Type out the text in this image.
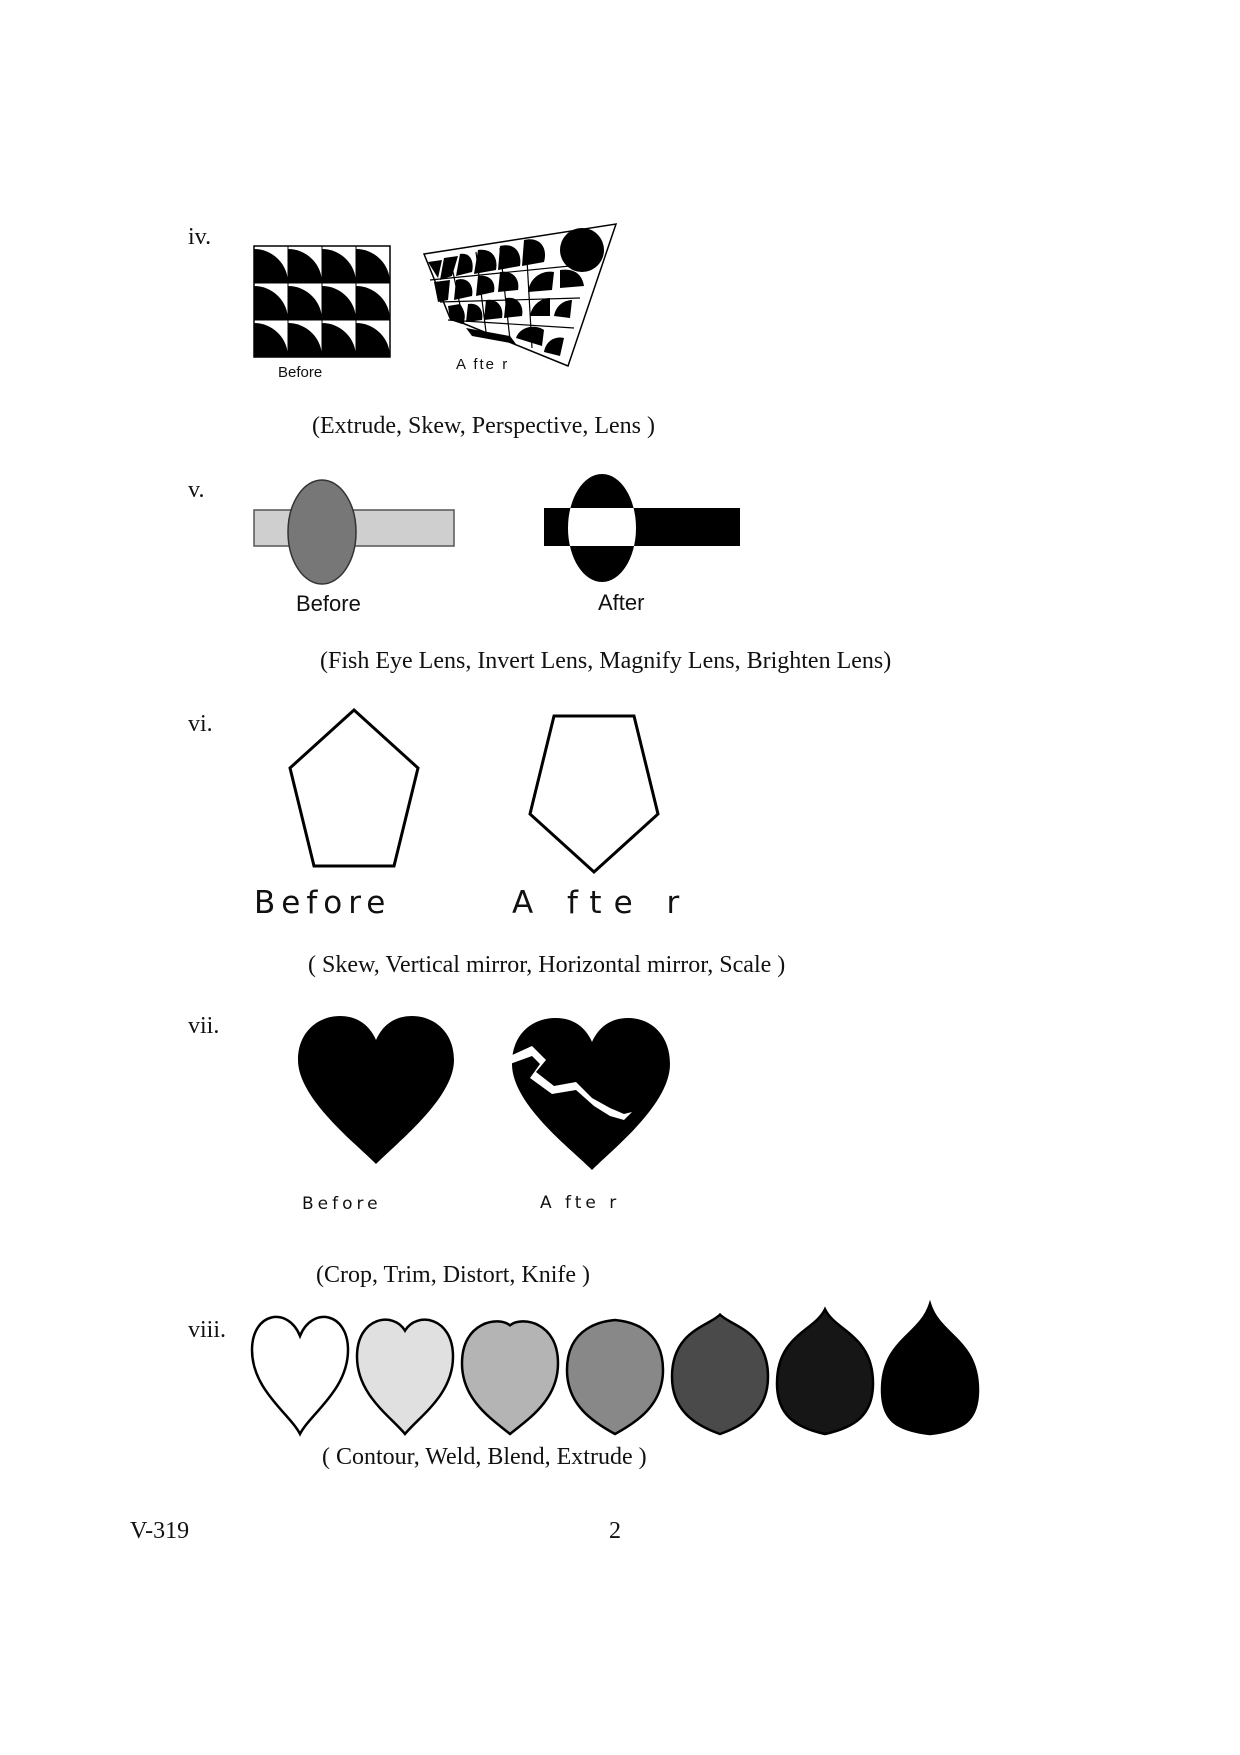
iv.
Before	A fte r
(Extrude, Skew, Perspective, Lens )
v.
Before	After
(Fish Eye Lens, Invert Lens, Magnify Lens, Brighten Lens)
vi.
Before	A fte r
( Skew, Vertical mirror, Horizontal mirror, Scale )
vii.
Before	A fte r
(Crop, Trim, Distort, Knife )
viii.
( Contour, Weld, Blend, Extrude )
V-319	2
